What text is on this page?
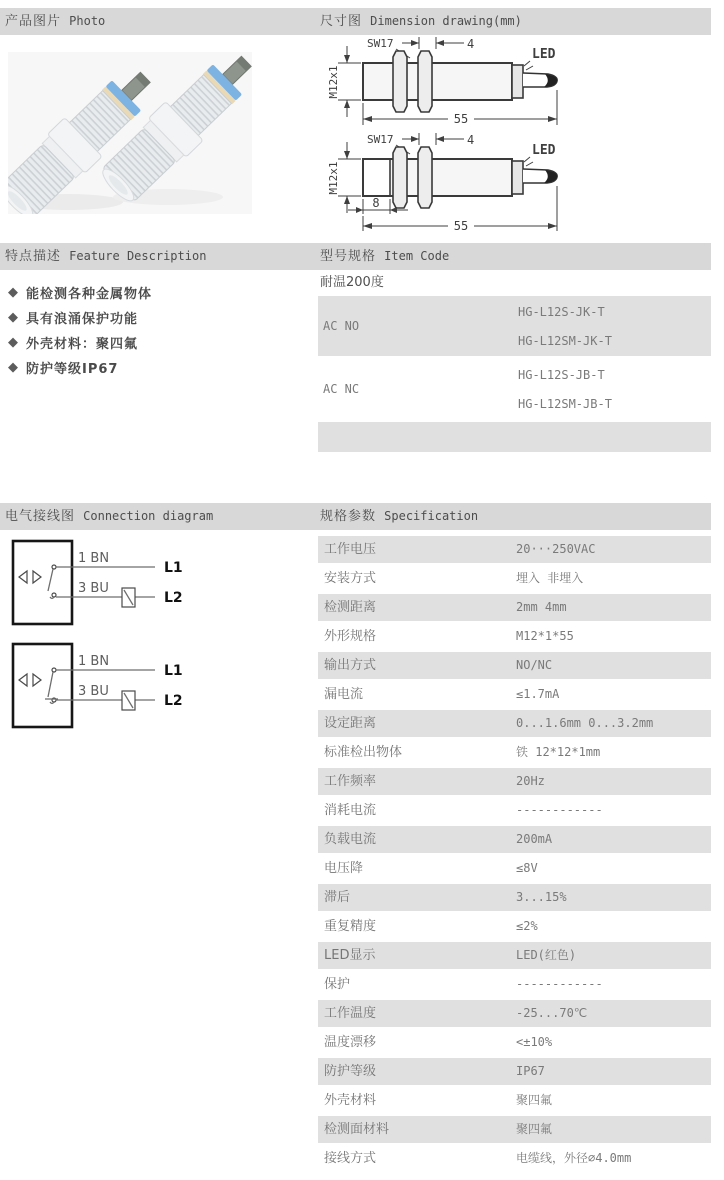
产品图片 Photo	尺寸图 Dimension drawing(mm)
SW17	4
LED
M12x1
55
SW17	4
LED
M12x1
8
55
特点描述 Feature Description	型号规格 Item Code
◆ 能检测各种金属物体
◆ 具有浪涌保护功能
◆ 外壳材料：聚四氟
◆ 防护等级IP67
耐温200度
AC NO
HG-L12S-JK-T
HG-L12SM-JK-T
AC NC
HG-L12S-JB-T
HG-L12SM-JB-T
电气接线图 Connection diagram	规格参数 Specification
1 BN
L1
3 BU
L2
1 BN
L1
3 BU
L2
工作电压	20···250VAC
安装方式	埋入 非埋入
检测距离	2mm 4mm
外形规格	M12*1*55
输出方式	NO/NC
漏电流	≤1.7mA
设定距离	0...1.6mm 0...3.2mm
标准检出物体	铁 12*12*1mm
工作频率	20Hz
消耗电流	------------
负载电流	200mA
电压降	≤8V
滞后	3...15%
重复精度	≤2%
LED显示	LED(红色)
保护	------------
工作温度	-25...70℃
温度漂移	<±10%
防护等级	IP67
外壳材料	聚四氟
检测面材料	聚四氟
接线方式	电缆线，外径∅4.0mm
